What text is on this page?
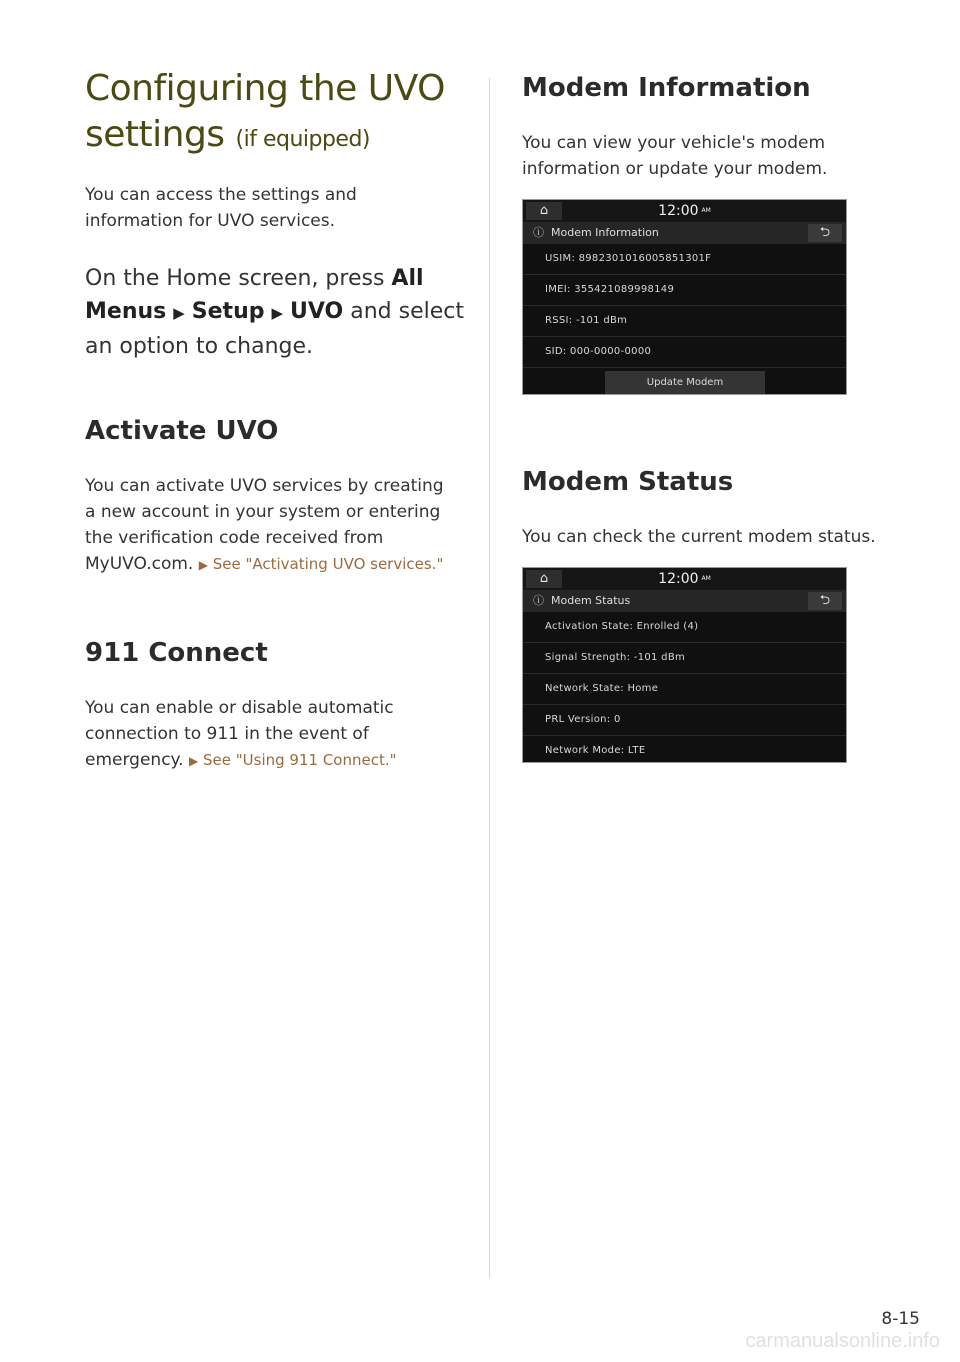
Configuring the UVO
settings (if equipped)

You can access the settings and information for UVO services.

On the Home screen, press All
Menus ▶ Setup ▶ UVO and select
an option to change.

Activate UVO

You can activate UVO services by creating a new account in your system or entering the verification code received from MyUVO.com. ▶ See "Activating UVO services."

911 Connect

You can enable or disable automatic connection to 911 in the event of emergency. ▶ See "Using 911 Connect."

Modem Information

You can view your vehicle's modem information or update your modem.

⌂	12:00 AM
ⓘ Modem Information	⮌
USIM: 8982301016005851301F
IMEI: 355421089998149
RSSI: -101 dBm
SID: 000-0000-0000
Update Modem
Modem Status

You can check the current modem status.

⌂	12:00 AM
ⓘ Modem Status	⮌
Activation State: Enrolled (4)
Signal Strength: -101 dBm
Network State: Home
PRL Version: 0
Network Mode: LTE
8-15
carmanualsonline.info
